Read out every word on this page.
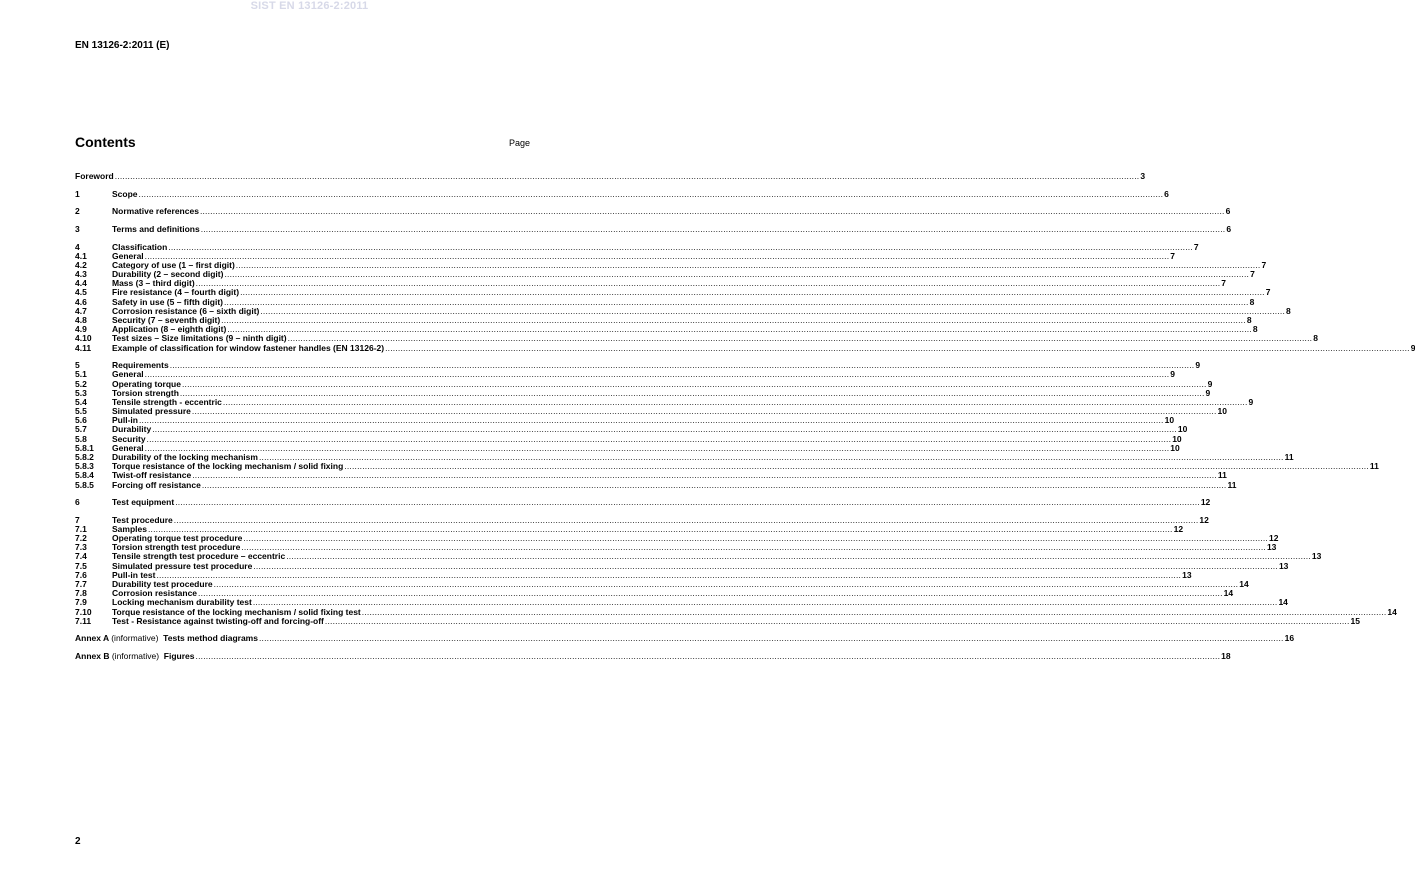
SIST EN 13126-2:2011
EN 13126-2:2011 (E)
Contents	Page
Foreword ................................................................................................................................................................................................................................................................................................................................................................................................................ 3
1	Scope ................................................................................................................................................................................................................................................................................................................................................................................................................ 6
2	Normative references ................................................................................................................................................................................................................................................................................................................................................................................................................ 6
3	Terms and definitions ................................................................................................................................................................................................................................................................................................................................................................................................................ 6
4	Classification ................................................................................................................................................................................................................................................................................................................................................................................................................ 7
4.1	General ................................................................................................................................................................................................................................................................................................................................................................................................................ 7
4.2	Category of use (1 – first digit) ................................................................................................................................................................................................................................................................................................................................................................................................................ 7
4.3	Durability (2 – second digit) ................................................................................................................................................................................................................................................................................................................................................................................................................ 7
4.4	Mass (3 – third digit) ................................................................................................................................................................................................................................................................................................................................................................................................................ 7
4.5	Fire resistance (4 – fourth digit) ................................................................................................................................................................................................................................................................................................................................................................................................................ 7
4.6	Safety in use (5 – fifth digit) ................................................................................................................................................................................................................................................................................................................................................................................................................ 8
4.7	Corrosion resistance (6 – sixth digit) ................................................................................................................................................................................................................................................................................................................................................................................................................ 8
4.8	Security (7 – seventh digit) ................................................................................................................................................................................................................................................................................................................................................................................................................ 8
4.9	Application (8 – eighth digit) ................................................................................................................................................................................................................................................................................................................................................................................................................ 8
4.10	Test sizes – Size limitations (9 – ninth digit) ................................................................................................................................................................................................................................................................................................................................................................................................................ 8
4.11	Example of classification for window fastener handles (EN 13126-2) ................................................................................................................................................................................................................................................................................................................................................................................................................ 9
5	Requirements ................................................................................................................................................................................................................................................................................................................................................................................................................ 9
5.1	General ................................................................................................................................................................................................................................................................................................................................................................................................................ 9
5.2	Operating torque ................................................................................................................................................................................................................................................................................................................................................................................................................ 9
5.3	Torsion strength ................................................................................................................................................................................................................................................................................................................................................................................................................ 9
5.4	Tensile strength - eccentric ................................................................................................................................................................................................................................................................................................................................................................................................................ 9
5.5	Simulated pressure ................................................................................................................................................................................................................................................................................................................................................................................................................ 10
5.6	Pull-in ................................................................................................................................................................................................................................................................................................................................................................................................................ 10
5.7	Durability ................................................................................................................................................................................................................................................................................................................................................................................................................ 10
5.8	Security ................................................................................................................................................................................................................................................................................................................................................................................................................ 10
5.8.1	General ................................................................................................................................................................................................................................................................................................................................................................................................................ 10
5.8.2	Durability of the locking mechanism ................................................................................................................................................................................................................................................................................................................................................................................................................ 11
5.8.3	Torque resistance of the locking mechanism / solid fixing ................................................................................................................................................................................................................................................................................................................................................................................................................ 11
5.8.4	Twist-off resistance ................................................................................................................................................................................................................................................................................................................................................................................................................ 11
5.8.5	Forcing off resistance ................................................................................................................................................................................................................................................................................................................................................................................................................ 11
6	Test equipment ................................................................................................................................................................................................................................................................................................................................................................................................................ 12
7	Test procedure ................................................................................................................................................................................................................................................................................................................................................................................................................ 12
7.1	Samples ................................................................................................................................................................................................................................................................................................................................................................................................................ 12
7.2	Operating torque test procedure ................................................................................................................................................................................................................................................................................................................................................................................................................ 12
7.3	Torsion strength test procedure ................................................................................................................................................................................................................................................................................................................................................................................................................ 13
7.4	Tensile strength test procedure – eccentric ................................................................................................................................................................................................................................................................................................................................................................................................................ 13
7.5	Simulated pressure test procedure ................................................................................................................................................................................................................................................................................................................................................................................................................ 13
7.6	Pull-in test ................................................................................................................................................................................................................................................................................................................................................................................................................ 13
7.7	Durability test procedure ................................................................................................................................................................................................................................................................................................................................................................................................................ 14
7.8	Corrosion resistance ................................................................................................................................................................................................................................................................................................................................................................................................................ 14
7.9	Locking mechanism durability test ................................................................................................................................................................................................................................................................................................................................................................................................................ 14
7.10	Torque resistance of the locking mechanism / solid fixing test ................................................................................................................................................................................................................................................................................................................................................................................................................ 14
7.11	Test - Resistance against twisting-off and forcing-off ................................................................................................................................................................................................................................................................................................................................................................................................................ 15
Annex A (informative)  Tests method diagrams ................................................................................................................................................................................................................................................................................................................................................................................................................ 16
Annex B (informative)  Figures ................................................................................................................................................................................................................................................................................................................................................................................................................ 18
2
